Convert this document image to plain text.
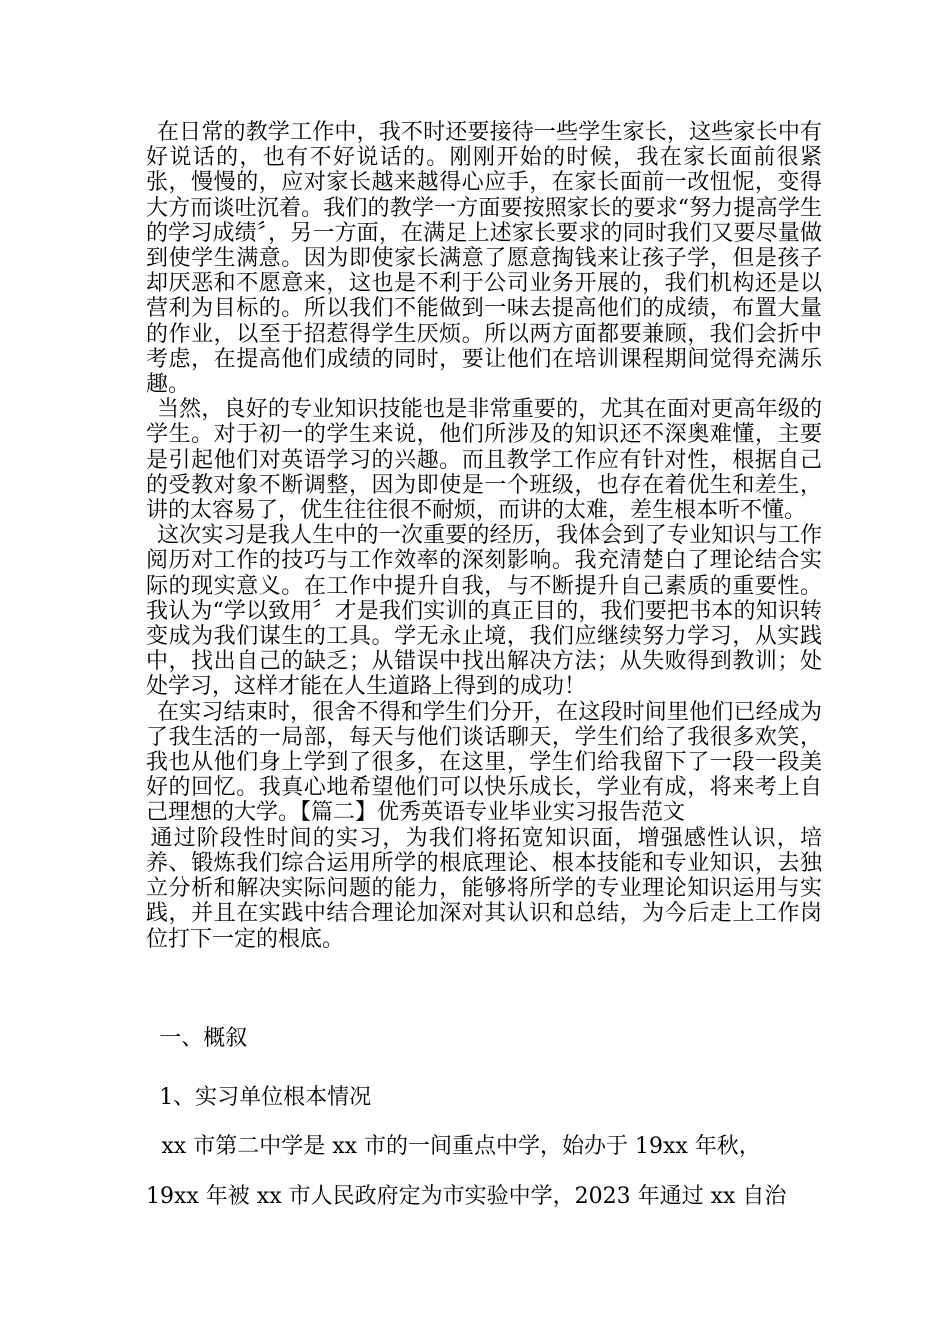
在日常的教学工作中，我不时还要接待一些学生家长，这些家长中有好说话的，也有不好说话的。刚刚开始的时候，我在家长面前很紧张，慢慢的，应对家长越来越得心应手，在家长面前一改忸怩，变得大方而谈吐沉着。我们的教学一方面要按照家长的要求“努力提高学生的学习成绩〞，另一方面，在满足上述家长要求的同时我们又要尽量做到使学生满意。因为即使家长满意了愿意掏钱来让孩子学，但是孩子却厌恶和不愿意来，这也是不利于公司业务开展的，我们机构还是以营利为目标的。所以我们不能做到一味去提高他们的成绩，布置大量的作业，以至于招惹得学生厌烦。所以两方面都要兼顾，我们会折中考虑，在提高他们成绩的同时，要让他们在培训课程期间觉得充满乐趣。

当然，良好的专业知识技能也是非常重要的，尤其在面对更高年级的学生。对于初一的学生来说，他们所涉及的知识还不深奥难懂，主要是引起他们对英语学习的兴趣。而且教学工作应有针对性，根据自己的受教对象不断调整，因为即使是一个班级，也存在着优生和差生，讲的太容易了，优生往往很不耐烦，而讲的太难，差生根本听不懂。

这次实习是我人生中的一次重要的经历，我体会到了专业知识与工作阅历对工作的技巧与工作效率的深刻影响。我充清楚白了理论结合实际的现实意义。在工作中提升自我，与不断提升自己素质的重要性。我认为“学以致用〞才是我们实训的真正目的，我们要把书本的知识转变成为我们谋生的工具。学无永止境，我们应继续努力学习，从实践中，找出自己的缺乏；从错误中找出解决方法；从失败得到教训；处处学习，这样才能在人生道路上得到的成功！

在实习结束时，很舍不得和学生们分开，在这段时间里他们已经成为了我生活的一局部，每天与他们谈话聊天，学生们给了我很多欢笑，我也从他们身上学到了很多，在这里，学生们给我留下了一段一段美好的回忆。我真心地希望他们可以快乐成长，学业有成，将来考上自己理想的大学。【篇二】优秀英语专业毕业实习报告范文

通过阶段性时间的实习，为我们将拓宽知识面，增强感性认识，培养、锻炼我们综合运用所学的根底理论、根本技能和专业知识，去独立分析和解决实际问题的能力，能够将所学的专业理论知识运用与实践，并且在实践中结合理论加深对其认识和总结，为今后走上工作岗位打下一定的根底。

一、概叙

1、实习单位根本情况

xx 市第二中学是 xx 市的一间重点中学，始办于 19xx 年秋，

19xx 年被 xx 市人民政府定为市实验中学，2023 年通过 xx 自治
